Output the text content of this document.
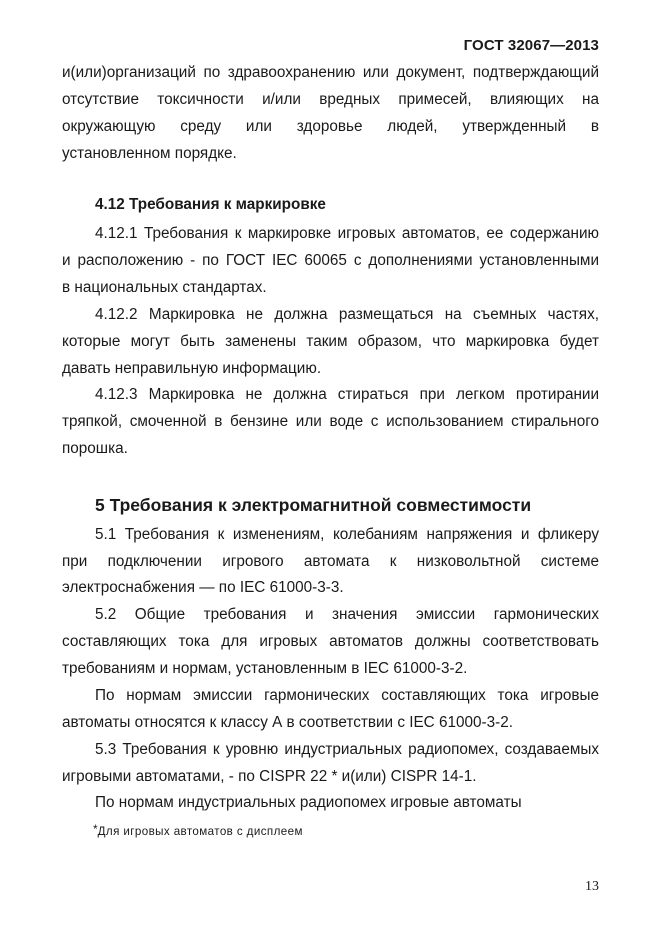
ГОСТ 32067—2013
и(или)организаций по здравоохранению или документ, подтверждающий
отсутствие токсичности и/или вредных примесей, влияющих на
окружающую среду или здоровье людей, утвержденный в
установленном порядке.
4.12 Требования к маркировке
4.12.1 Требования к маркировке игровых автоматов, ее содержанию
и расположению - по ГОСТ IEC 60065 с дополнениями установленными
в национальных стандартах.
4.12.2 Маркировка не должна размещаться на съемных частях,
которые могут быть заменены таким образом, что маркировка будет
давать неправильную информацию.
4.12.3 Маркировка не должна стираться при легком протирании
тряпкой, смоченной в бензине или воде с использованием стирального
порошка.
5 Требования к электромагнитной совместимости
5.1 Требования к изменениям, колебаниям напряжения и фликеру
при подключении игрового автомата к низковольтной системе
электроснабжения — по IEC 61000-3-3.
5.2 Общие требования и значения эмиссии гармонических
составляющих тока для игровых автоматов должны соответствовать
требованиям и нормам, установленным в IEC 61000-3-2.
По нормам эмиссии гармонических составляющих тока игровые
автоматы относятся к классу А в соответствии с IEC 61000-3-2.
5.3 Требования к уровню индустриальных радиопомех, создаваемых
игровыми автоматами, - по CISPR 22 * и(или) CISPR 14-1.
По нормам индустриальных радиопомех игровые автоматы
*Для игровых автоматов с дисплеем
13
